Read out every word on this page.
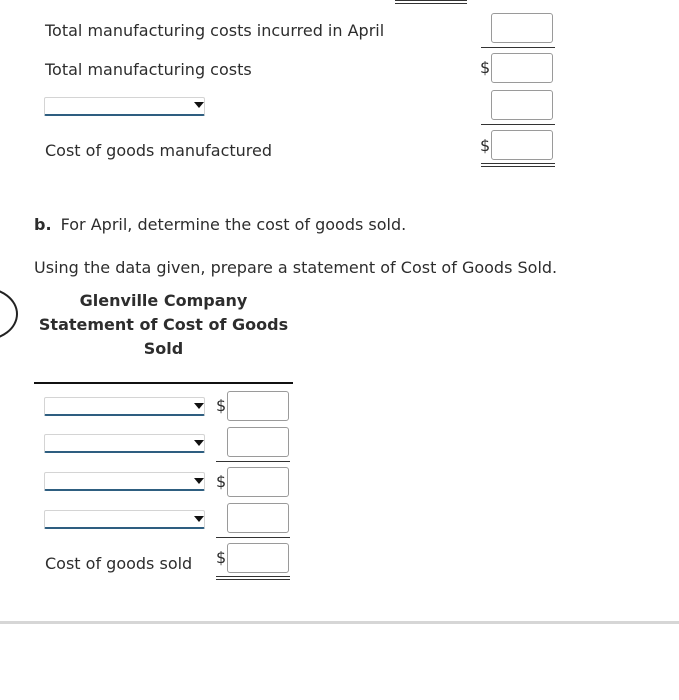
Total manufacturing costs incurred in April
Total manufacturing costs	$
Cost of goods manufactured	$
b. For April, determine the cost of goods sold.
Using the data given, prepare a statement of Cost of Goods Sold.
Glenville Company
Statement of Cost of Goods
Sold
$
$
Cost of goods sold $
